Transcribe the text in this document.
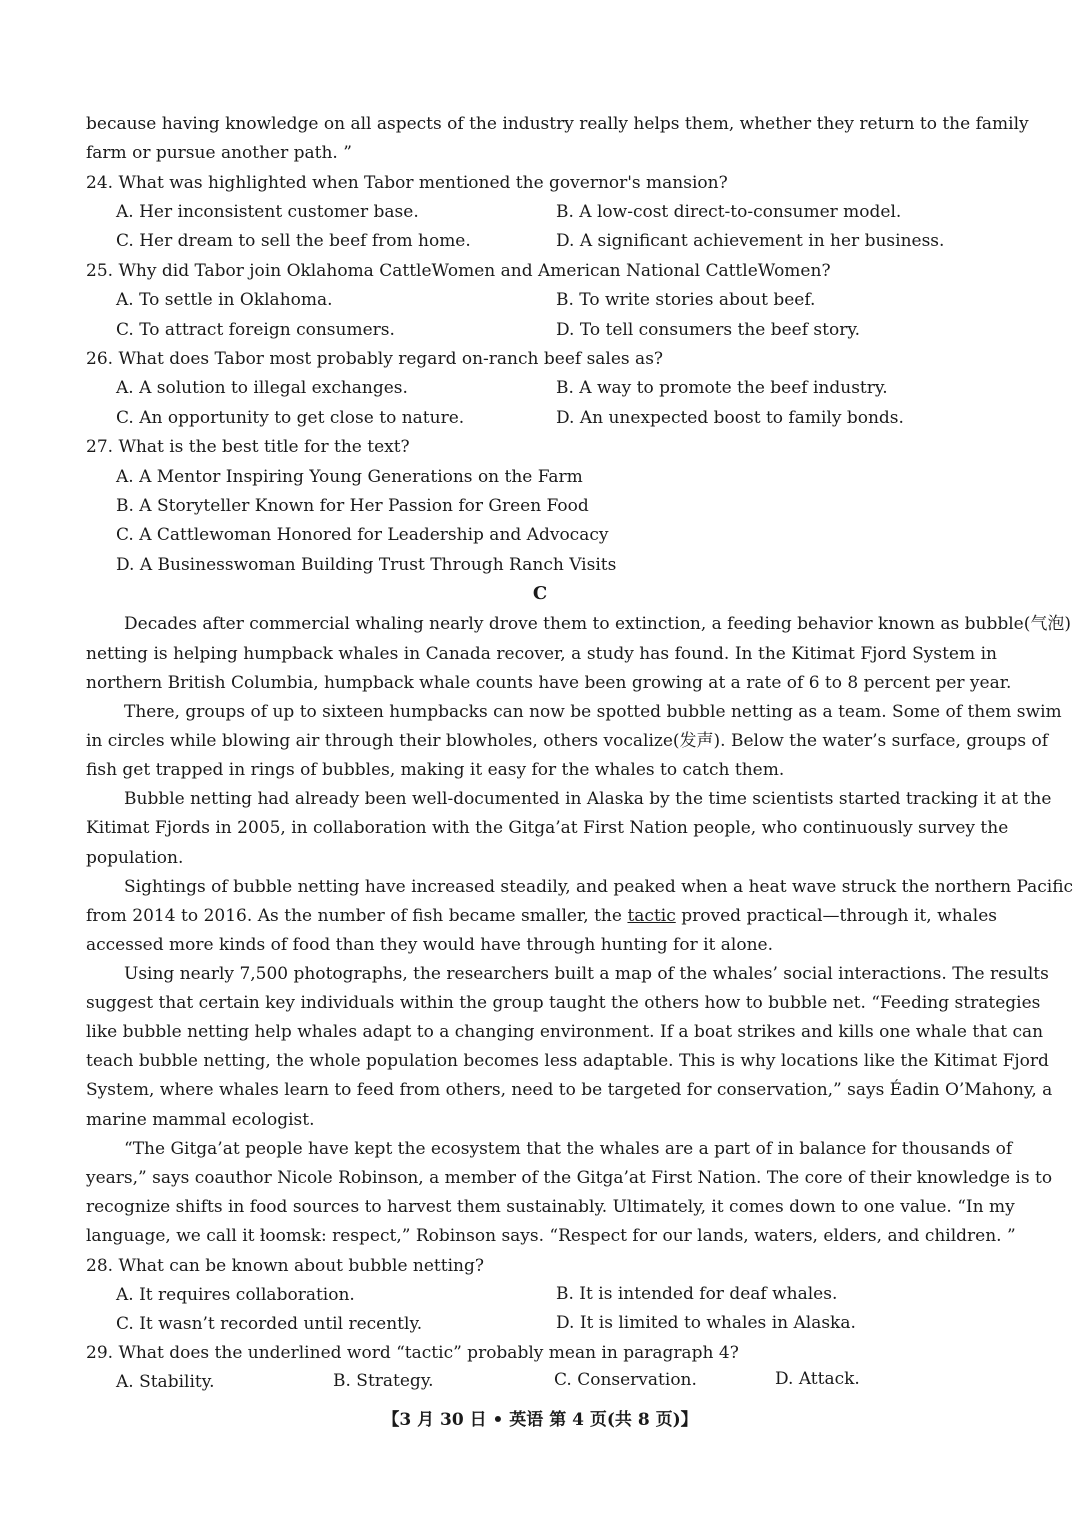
because having knowledge on all aspects of the industry really helps them, whether they return to the family
farm or pursue another path. ”
24. What was highlighted when Tabor mentioned the governor's mansion?
A. Her inconsistent customer base.	B. A low-cost direct-to-consumer model.
C. Her dream to sell the beef from home.	D. A significant achievement in her business.
25. Why did Tabor join Oklahoma CattleWomen and American National CattleWomen?
A. To settle in Oklahoma.	B. To write stories about beef.
C. To attract foreign consumers.	D. To tell consumers the beef story.
26. What does Tabor most probably regard on-ranch beef sales as?
A. A solution to illegal exchanges.	B. A way to promote the beef industry.
C. An opportunity to get close to nature.	D. An unexpected boost to family bonds.
27. What is the best title for the text?
A. A Mentor Inspiring Young Generations on the Farm
B. A Storyteller Known for Her Passion for Green Food
C. A Cattlewoman Honored for Leadership and Advocacy
D. A Businesswoman Building Trust Through Ranch Visits
C
Decades after commercial whaling nearly drove them to extinction, a feeding behavior known as bubble(气泡)
netting is helping humpback whales in Canada recover, a study has found. In the Kitimat Fjord System in
northern British Columbia, humpback whale counts have been growing at a rate of 6 to 8 percent per year.
There, groups of up to sixteen humpbacks can now be spotted bubble netting as a team. Some of them swim
in circles while blowing air through their blowholes, others vocalize(发声). Below the water’s surface, groups of
fish get trapped in rings of bubbles, making it easy for the whales to catch them.
Bubble netting had already been well-documented in Alaska by the time scientists started tracking it at the
Kitimat Fjords in 2005, in collaboration with the Gitga’at First Nation people, who continuously survey the
population.
Sightings of bubble netting have increased steadily, and peaked when a heat wave struck the northern Pacific
from 2014 to 2016. As the number of fish became smaller, the tactic proved practical—through it, whales
accessed more kinds of food than they would have through hunting for it alone.
Using nearly 7,500 photographs, the researchers built a map of the whales’ social interactions. The results
suggest that certain key individuals within the group taught the others how to bubble net. “Feeding strategies
like bubble netting help whales adapt to a changing environment. If a boat strikes and kills one whale that can
teach bubble netting, the whole population becomes less adaptable. This is why locations like the Kitimat Fjord
System, where whales learn to feed from others, need to be targeted for conservation,” says Éadin O’Mahony, a
marine mammal ecologist.
“The Gitga’at people have kept the ecosystem that the whales are a part of in balance for thousands of
years,” says coauthor Nicole Robinson, a member of the Gitga’at First Nation. The core of their knowledge is to
recognize shifts in food sources to harvest them sustainably. Ultimately, it comes down to one value. “In my
language, we call it łoomsk: respect,” Robinson says. “Respect for our lands, waters, elders, and children. ”
28. What can be known about bubble netting?
A. It requires collaboration.	B. It is intended for deaf whales.
C. It wasn’t recorded until recently.	D. It is limited to whales in Alaska.
29. What does the underlined word “tactic” probably mean in paragraph 4?
A. Stability.	B. Strategy.	C. Conservation.	D. Attack.
【3 月 30 日 • 英语 第 4 页(共 8 页)】
